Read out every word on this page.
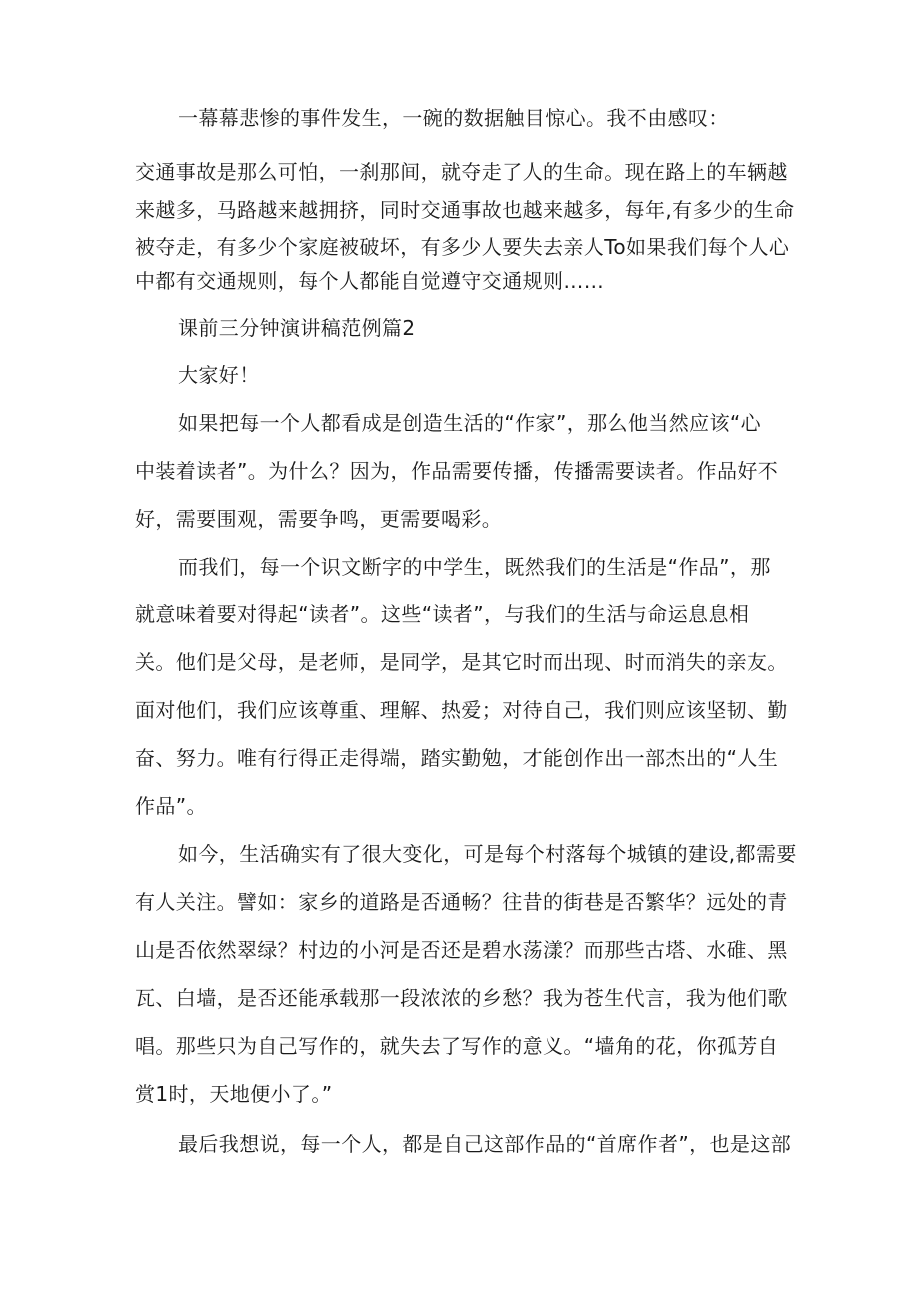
一幕幕悲惨的事件发生，一碗的数据触目惊心。我不由感叹：
交通事故是那么可怕，一刹那间，就夺走了人的生命。现在路上的车辆越
来越多，马路越来越拥挤，同时交通事故也越来越多，每年,有多少的生命
被夺走，有多少个家庭被破坏，有多少人要失去亲人To如果我们每个人心
中都有交通规则，每个人都能自觉遵守交通规则……
课前三分钟演讲稿范例篇2
大家好！
如果把每一个人都看成是创造生活的“作家”，那么他当然应该“心
中装着读者”。为什么？因为，作品需要传播，传播需要读者。作品好不
好，需要围观，需要争鸣，更需要喝彩。
而我们，每一个识文断字的中学生，既然我们的生活是“作品”，那
就意味着要对得起“读者”。这些“读者”，与我们的生活与命运息息相
关。他们是父母，是老师，是同学，是其它时而出现、时而消失的亲友。
面对他们，我们应该尊重、理解、热爱；对待自己，我们则应该坚韧、勤
奋、努力。唯有行得正走得端，踏实勤勉，才能创作出一部杰出的“人生
作品”。
如今，生活确实有了很大变化，可是每个村落每个城镇的建设,都需要
有人关注。譬如：家乡的道路是否通畅？往昔的街巷是否繁华？远处的青
山是否依然翠绿？村边的小河是否还是碧水荡漾？而那些古塔、水碓、黑
瓦、白墙，是否还能承载那一段浓浓的乡愁？我为苍生代言，我为他们歌
唱。那些只为自己写作的，就失去了写作的意义。“墙角的花，你孤芳自
赏1时，天地便小了。”
最后我想说，每一个人，都是自己这部作品的“首席作者”，也是这部
